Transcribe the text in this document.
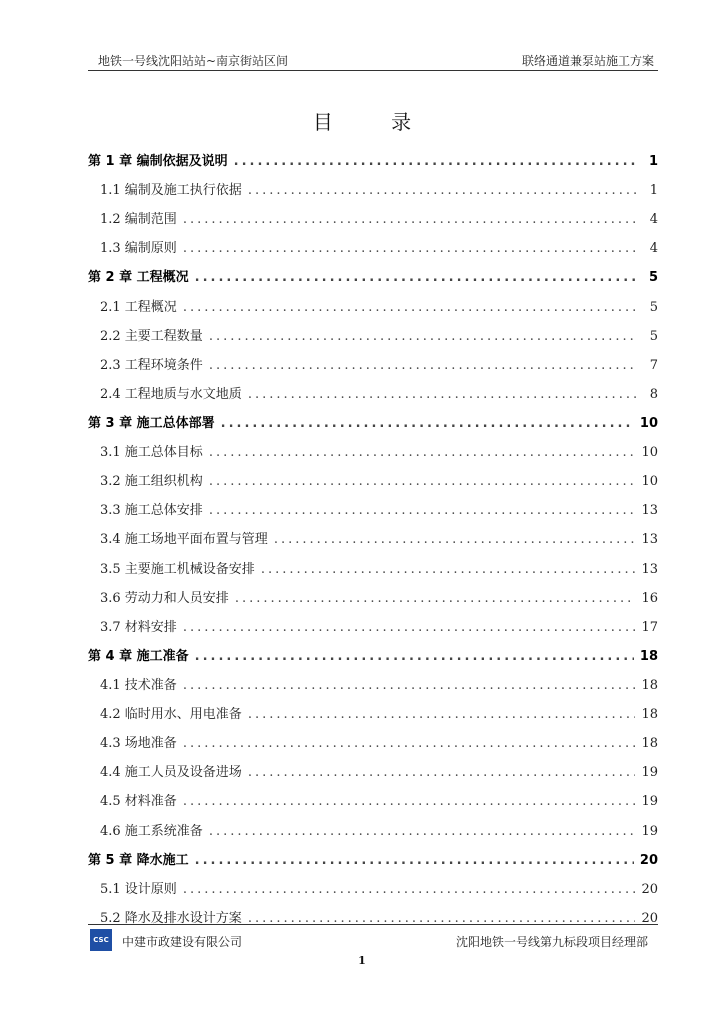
地铁一号线沈阳站站~南京街站区间	联络通道兼泵站施工方案
目 录
第 1 章 编制依据及说明 .....	1
1.1 编制及施工执行依据 .....	1
1.2 编制范围 .....	4
1.3 编制原则 .....	4
第 2 章 工程概况 .....	5
2.1 工程概况 .....	5
2.2 主要工程数量 .....	5
2.3 工程环境条件 .....	7
2.4 工程地质与水文地质 .....	8
第 3 章 施工总体部署 .....	10
3.1 施工总体目标 .....	10
3.2 施工组织机构 .....	10
3.3 施工总体安排 .....	13
3.4 施工场地平面布置与管理 .....	13
3.5 主要施工机械设备安排 .....	13
3.6 劳动力和人员安排 .....	16
3.7 材料安排 .....	17
第 4 章 施工准备 .....	18
4.1 技术准备 .....	18
4.2 临时用水、用电准备 .....	18
4.3 场地准备 .....	18
4.4 施工人员及设备进场 .....	19
4.5 材料准备 .....	19
4.6 施工系统准备 .....	19
第 5 章 降水施工 .....	20
5.1 设计原则 .....	20
5.2 降水及排水设计方案 .....	20
CSC 中建市政建设有限公司	沈阳地铁一号线第九标段项目经理部
1
